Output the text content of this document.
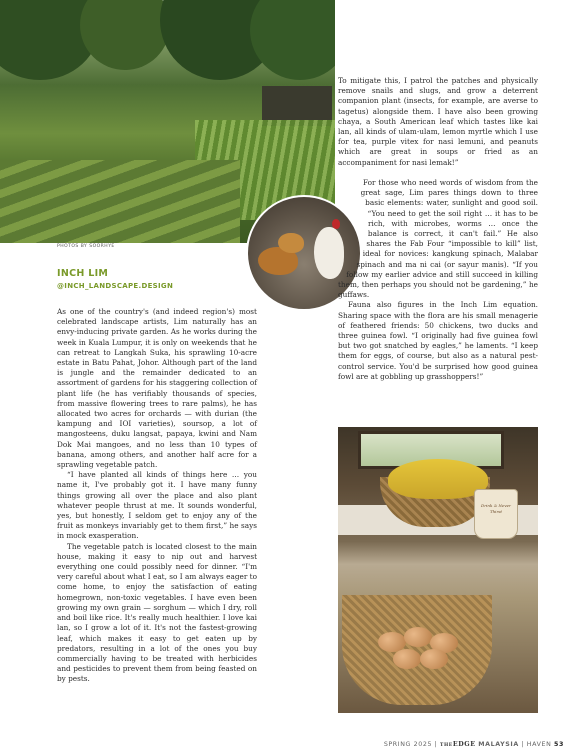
PHOTOS BY SOORHYE
INCH LIM
@INCH_LANDSCAPE.DESIGN

As one of the country's (and indeed region's) most celebrated landscape artists, Lim naturally has an envy-inducing private garden. As he works during the week in Kuala Lumpur, it is only on weekends that he can retreat to Langkah Suka, his sprawling 10-acre estate in Batu Pahat, Johor. Although part of the land is jungle and the remainder dedicated to an assortment of gardens for his staggering collection of plant life (he has verifiably thousands of species, from massive flowering trees to rare palms), he has allocated two acres for orchards — with durian (the kampung and IOI varieties), soursop, a lot of mangosteens, duku langsat, papaya, kwini and Nam Dok Mai mangoes, and no less than 10 types of banana, among others, and another half acre for a sprawling vegetable patch.

“I have planted all kinds of things here … you name it, I've probably got it. I have many funny things growing all over the place and also plant whatever people thrust at me. It sounds wonderful, yes, but honestly, I seldom get to enjoy any of the fruit as monkeys invariably get to them first,” he says in mock exasperation.

The vegetable patch is located closest to the main house, making it easy to nip out and harvest everything one could possibly need for dinner. “I'm very careful about what I eat, so I am always eager to come home, to enjoy the satisfaction of eating homegrown, non-toxic vegetables. I have even been growing my own grain — sorghum — which I dry, roll and boil like rice. It's really much healthier. I love kai lan, so I grow a lot of it. It's not the fastest-growing leaf, which makes it easy to get eaten up by predators, resulting in a lot of the ones you buy commercially having to be treated with herbicides and pesticides to prevent them from being feasted on by pests.

To mitigate this, I patrol the patches and physically remove snails and slugs, and grow a deterrent companion plant (insects, for example, are averse to tagetus) alongside them. I have also been growing chaya, a South American leaf which tastes like kai lan, all kinds of ulam-ulam, lemon myrtle which I use for tea, purple vitex for nasi lemuni, and peanuts which are great in soups or fried as an accompaniment for nasi lemak!”

For those who need words of wisdom from the great sage, Lim pares things down to three basic elements: water, sunlight and good soil. “You need to get the soil right … it has to be rich, with microbes, worms … once the balance is correct, it can't fail.” He also shares the Fab Four “impossible to kill” list, ideal for novices: kangkung spinach, Malabar spinach and ma ni cai (or sayur manis). “If you follow my earlier advice and still succeed in killing them, then perhaps you should not be gardening,” he guffaws.

Fauna also figures in the Inch Lim equation. Sharing space with the flora are his small menagerie of feathered friends: 50 chickens, two ducks and three guinea fowl. “I originally had five guinea fowl but two got snatched by eagles,” he laments. “I keep them for eggs, of course, but also as a natural pest-control service. You'd be surprised how good guinea fowl are at gobbling up grasshoppers!”

Drink & Never Thirst
SPRING 2025 | THEEDGE MALAYSIA | HAVEN 53
